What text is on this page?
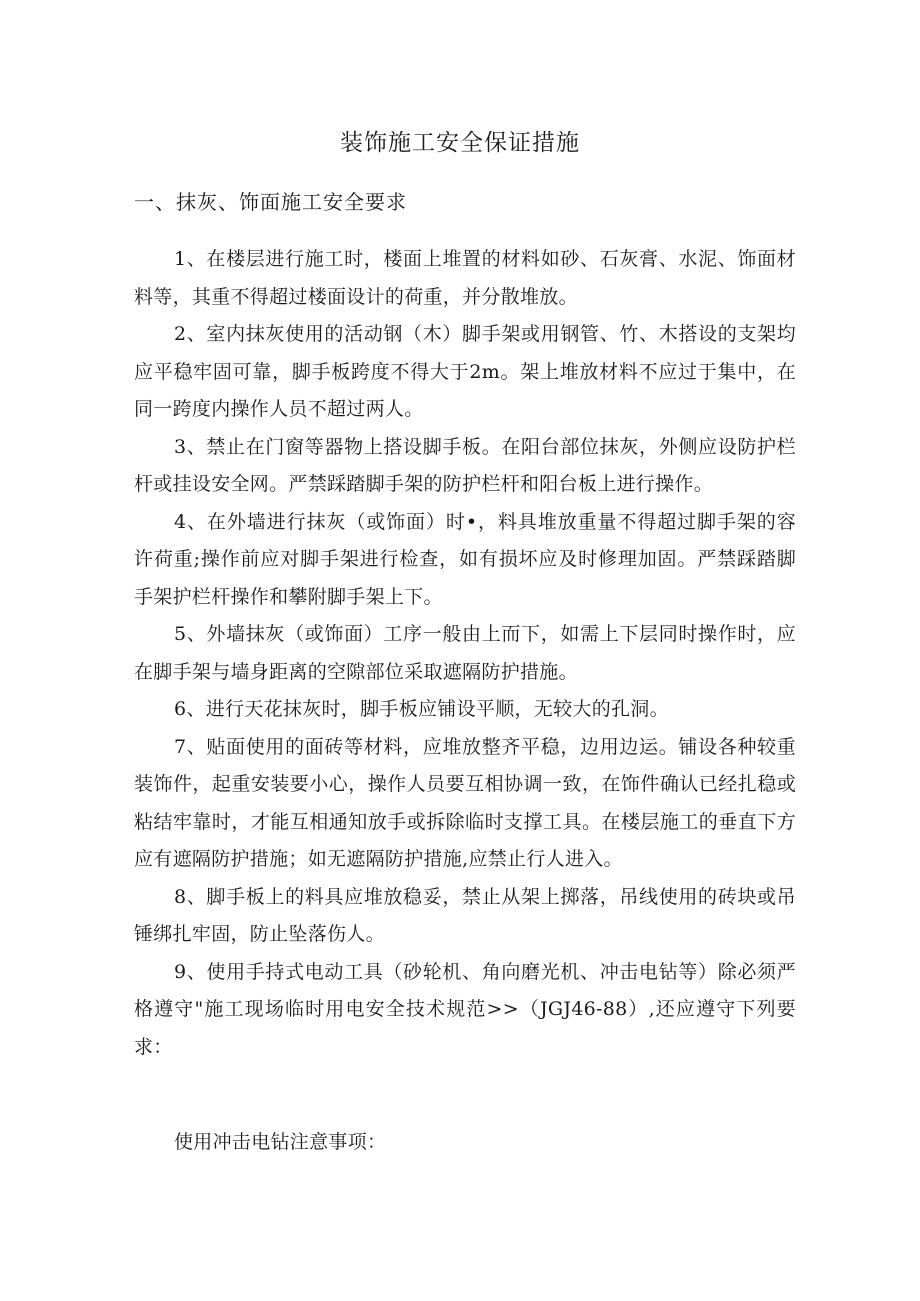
装饰施工安全保证措施
一、抹灰、饰面施工安全要求

1、在楼层进行施工时，楼面上堆置的材料如砂、石灰膏、水泥、饰面材料等，其重不得超过楼面设计的荷重，并分散堆放。

2、室内抹灰使用的活动钢（木）脚手架或用钢管、竹、木搭设的支架均应平稳牢固可靠，脚手板跨度不得大于2m。架上堆放材料不应过于集中，在同一跨度内操作人员不超过两人。

3、禁止在门窗等器物上搭设脚手板。在阳台部位抹灰，外侧应设防护栏杆或挂设安全网。严禁踩踏脚手架的防护栏杆和阳台板上进行操作。

4、在外墙进行抹灰（或饰面）时•，料具堆放重量不得超过脚手架的容许荷重;操作前应对脚手架进行检查，如有损坏应及时修理加固。严禁踩踏脚手架护栏杆操作和攀附脚手架上下。

5、外墙抹灰（或饰面）工序一般由上而下，如需上下层同时操作时，应在脚手架与墙身距离的空隙部位采取遮隔防护措施。

6、进行天花抹灰时，脚手板应铺设平顺，无较大的孔洞。

7、贴面使用的面砖等材料，应堆放整齐平稳，边用边运。铺设各种较重装饰件，起重安装要小心，操作人员要互相协调一致，在饰件确认已经扎稳或粘结牢靠时，才能互相通知放手或拆除临时支撑工具。在楼层施工的垂直下方应有遮隔防护措施；如无遮隔防护措施,应禁止行人进入。

8、脚手板上的料具应堆放稳妥，禁止从架上掷落，吊线使用的砖块或吊锤绑扎牢固，防止坠落伤人。

9、使用手持式电动工具（砂轮机、角向磨光机、冲击电钻等）除必须严格遵守"施工现场临时用电安全技术规范>>（JGJ46-88）,还应遵守下列要求：

使用冲击电钻注意事项：
